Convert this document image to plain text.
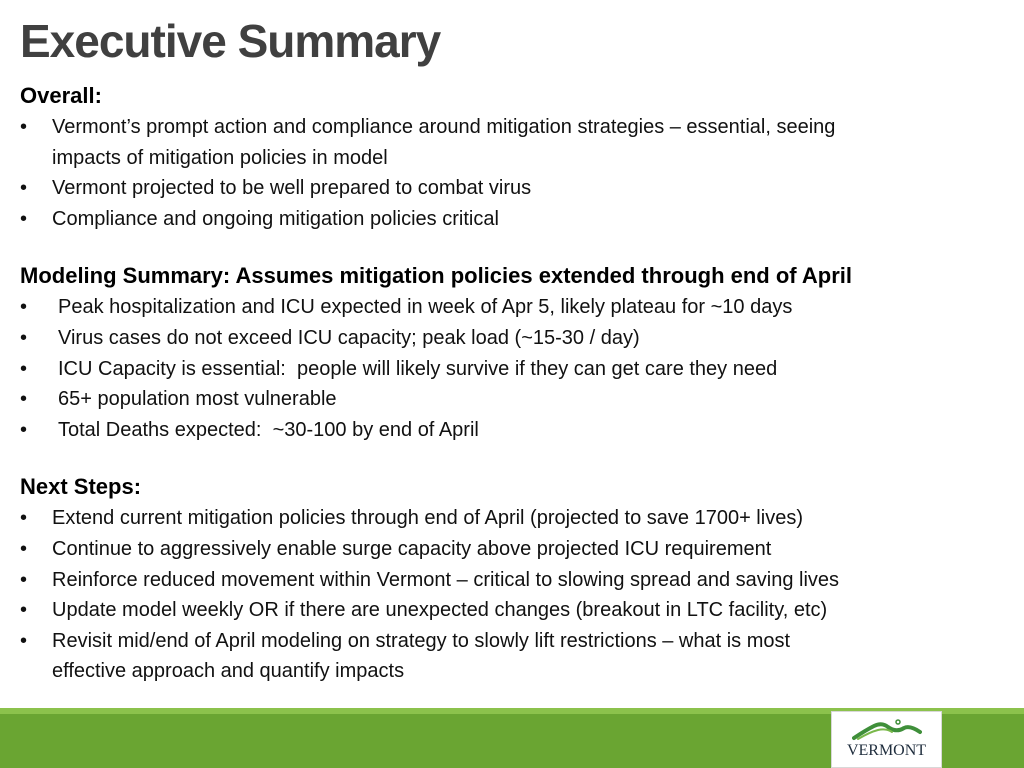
Executive Summary
Overall:
• Vermont’s prompt action and compliance around mitigation strategies – essential, seeing
impacts of mitigation policies in model
• Vermont projected to be well prepared to combat virus
• Compliance and ongoing mitigation policies critical
Modeling Summary: Assumes mitigation policies extended through end of April
• Peak hospitalization and ICU expected in week of Apr 5, likely plateau for ~10 days
• Virus cases do not exceed ICU capacity; peak load (~15-30 / day)
• ICU Capacity is essential:  people will likely survive if they can get care they need
• 65+ population most vulnerable
• Total Deaths expected:  ~30-100 by end of April
Next Steps:
• Extend current mitigation policies through end of April (projected to save 1700+ lives)
• Continue to aggressively enable surge capacity above projected ICU requirement
• Reinforce reduced movement within Vermont – critical to slowing spread and saving lives
• Update model weekly OR if there are unexpected changes (breakout in LTC facility, etc)
• Revisit mid/end of April modeling on strategy to slowly lift restrictions – what is most
effective approach and quantify impacts
VERMONT
